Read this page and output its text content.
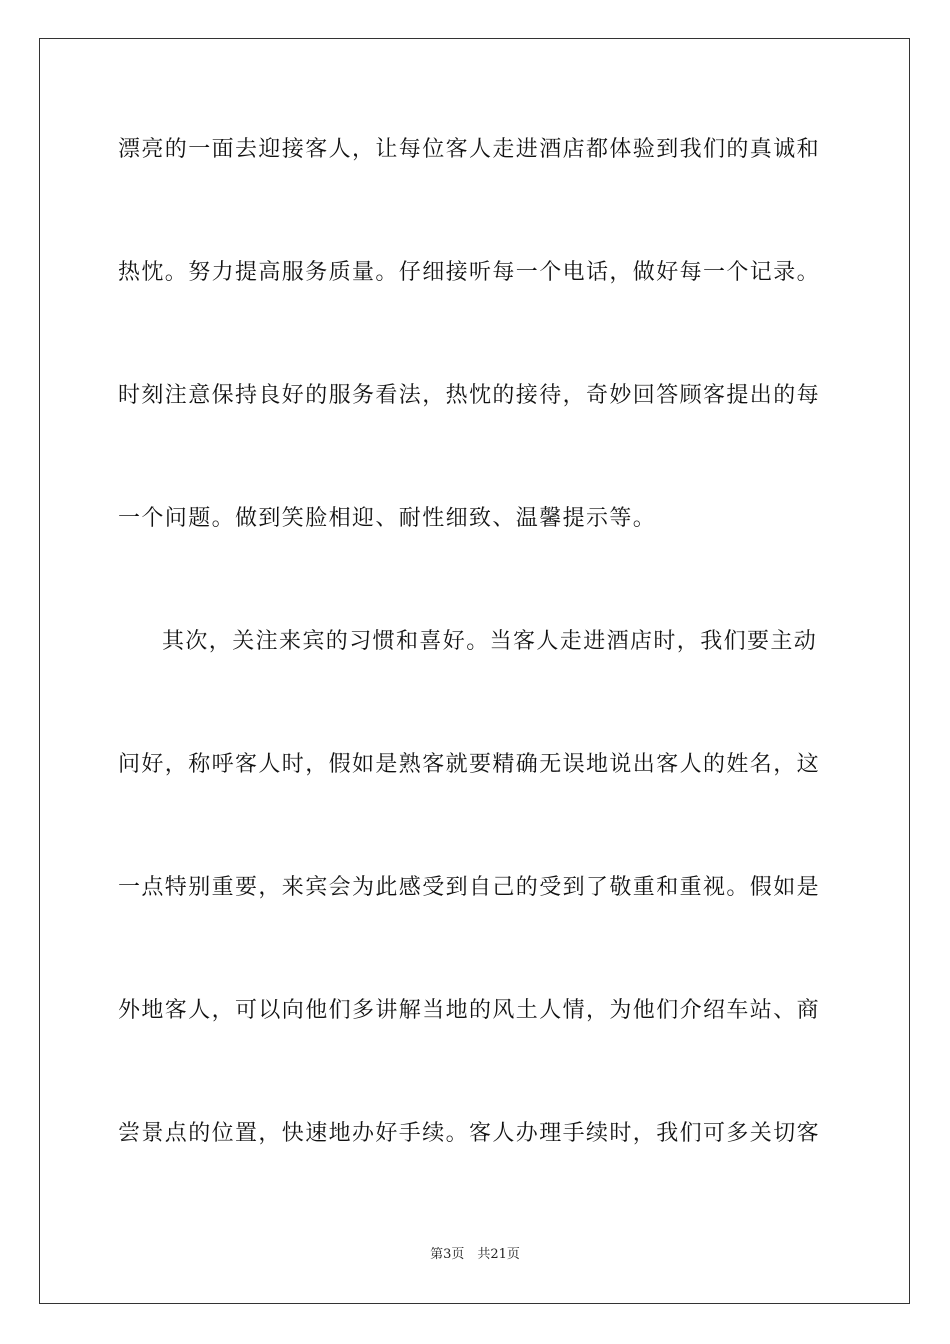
漂亮的一面去迎接客人，让每位客人走进酒店都体验到我们的真诚和
热忱。努力提高服务质量。仔细接听每一个电话，做好每一个记录。
时刻注意保持良好的服务看法，热忱的接待，奇妙回答顾客提出的每
一个问题。做到笑脸相迎、耐性细致、温馨提示等。
其次，关注来宾的习惯和喜好。当客人走进酒店时，我们要主动
问好，称呼客人时，假如是熟客就要精确无误地说出客人的姓名，这
一点特别重要，来宾会为此感受到自己的受到了敬重和重视。假如是
外地客人，可以向他们多讲解当地的风土人情，为他们介绍车站、商
尝景点的位置，快速地办好手续。客人办理手续时，我们可多关切客
第3页　共21页
